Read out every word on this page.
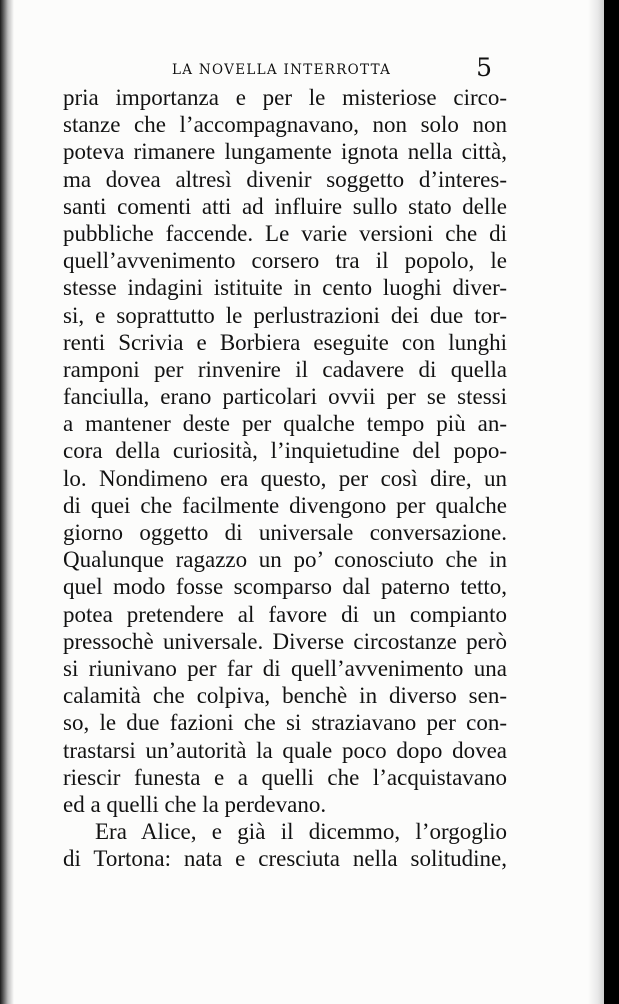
LA NOVELLA INTERROTTA	5
pria importanza e per le misteriose circo-
stanze che l’accompagnavano, non solo non
poteva rimanere lungamente ignota nella città,
ma dovea altresì divenir soggetto d’interes-
santi comenti atti ad influire sullo stato delle
pubbliche faccende. Le varie versioni che di
quell’avvenimento corsero tra il popolo, le
stesse indagini istituite in cento luoghi diver-
si, e soprattutto le perlustrazioni dei due tor-
renti Scrivia e Borbiera eseguite con lunghi
ramponi per rinvenire il cadavere di quella
fanciulla, erano particolari ovvii per se stessi
a mantener deste per qualche tempo più an-
cora della curiosità, l’inquietudine del popo-
lo. Nondimeno era questo, per così dire, un
di quei che facilmente divengono per qualche
giorno oggetto di universale conversazione.
Qualunque ragazzo un po’ conosciuto che in
quel modo fosse scomparso dal paterno tetto,
potea pretendere al favore di un compianto
pressochè universale. Diverse circostanze però
si riunivano per far di quell’avvenimento una
calamità che colpiva, benchè in diverso sen-
so, le due fazioni che si straziavano per con-
trastarsi un’autorità la quale poco dopo dovea
riescir funesta e a quelli che l’acquistavano
ed a quelli che la perdevano.
Era Alice, e già il dicemmo, l’orgoglio
di Tortona: nata e cresciuta nella solitudine,
